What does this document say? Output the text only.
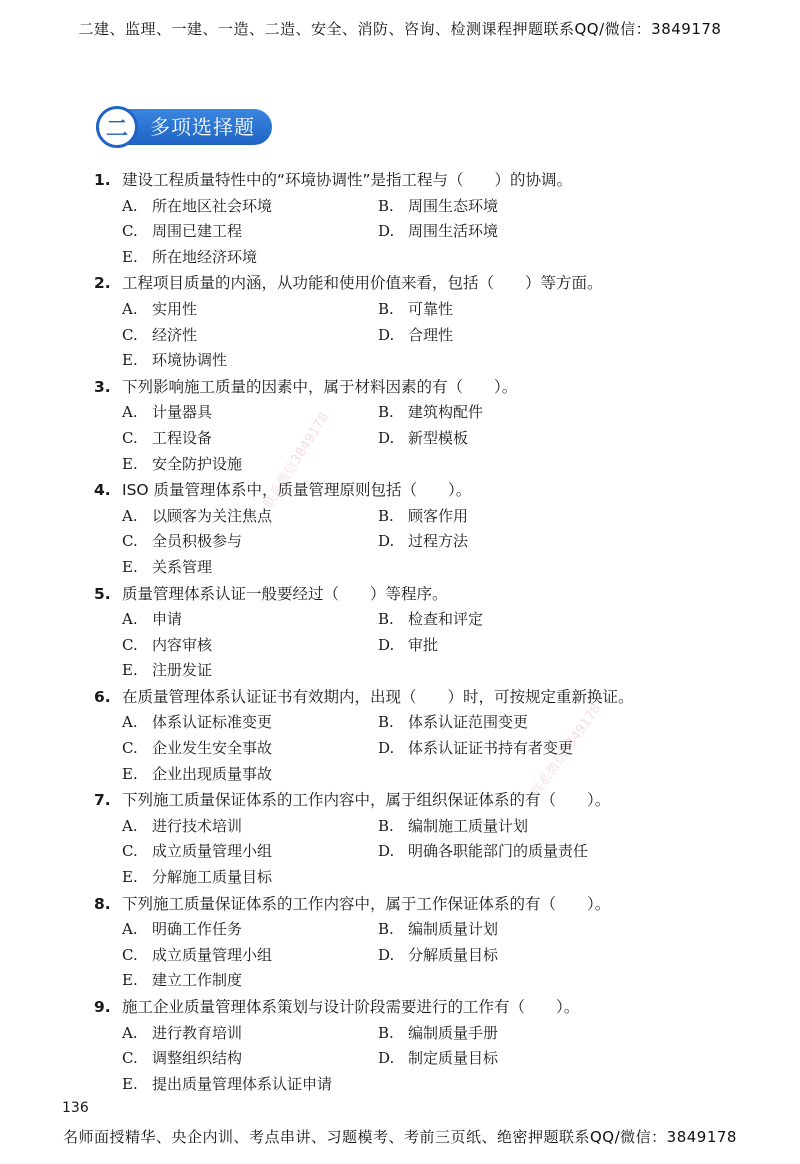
二建、监理、一建、一造、二造、安全、消防、咨询、检测课程押题联系QQ/微信：3849178
二	多项选择题
1. 建设工程质量特性中的“环境协调性”是指工程与（　　）的协调。
A. 所在地区社会环境	B. 周围生态环境
C. 周围已建工程	D. 周围生活环境
E. 所在地经济环境
2. 工程项目质量的内涵，从功能和使用价值来看，包括（　　）等方面。
A. 实用性	B. 可靠性
C. 经济性	D. 合理性
E. 环境协调性
3. 下列影响施工质量的因素中，属于材料因素的有（　　）。
A. 计量器具	B. 建筑构配件
C. 工程设备	D. 新型模板
E. 安全防护设施
4. ISO 质量管理体系中，质量管理原则包括（　　）。
A. 以顾客为关注焦点	B. 顾客作用
C. 全员积极参与	D. 过程方法
E. 关系管理
5. 质量管理体系认证一般要经过（　　）等程序。
A. 申请	B. 检查和评定
C. 内容审核	D. 审批
E. 注册发证
6. 在质量管理体系认证证书有效期内，出现（　　）时，可按规定重新换证。
A. 体系认证标准变更	B. 体系认证范围变更
C. 企业发生安全事故	D. 体系认证证书持有者变更
E. 企业出现质量事故
7. 下列施工质量保证体系的工作内容中，属于组织保证体系的有（　　）。
A. 进行技术培训	B. 编制施工质量计划
C. 成立质量管理小组	D. 明确各职能部门的质量责任
E. 分解施工质量目标
8. 下列施工质量保证体系的工作内容中，属于工作保证体系的有（　　）。
A. 明确工作任务	B. 编制质量计划
C. 成立质量管理小组	D. 分解质量目标
E. 建立工作制度
9. 施工企业质量管理体系策划与设计阶段需要进行的工作有（　　）。
A. 进行教育培训	B. 编制质量手册
C. 调整组织结构	D. 制定质量目标
E. 提出质量管理体系认证申请
136
名师面授精华、央企内训、考点串讲、习题模考、考前三页纸、绝密押题联系QQ/微信：3849178
联系微信3849178
联系微信3849178
